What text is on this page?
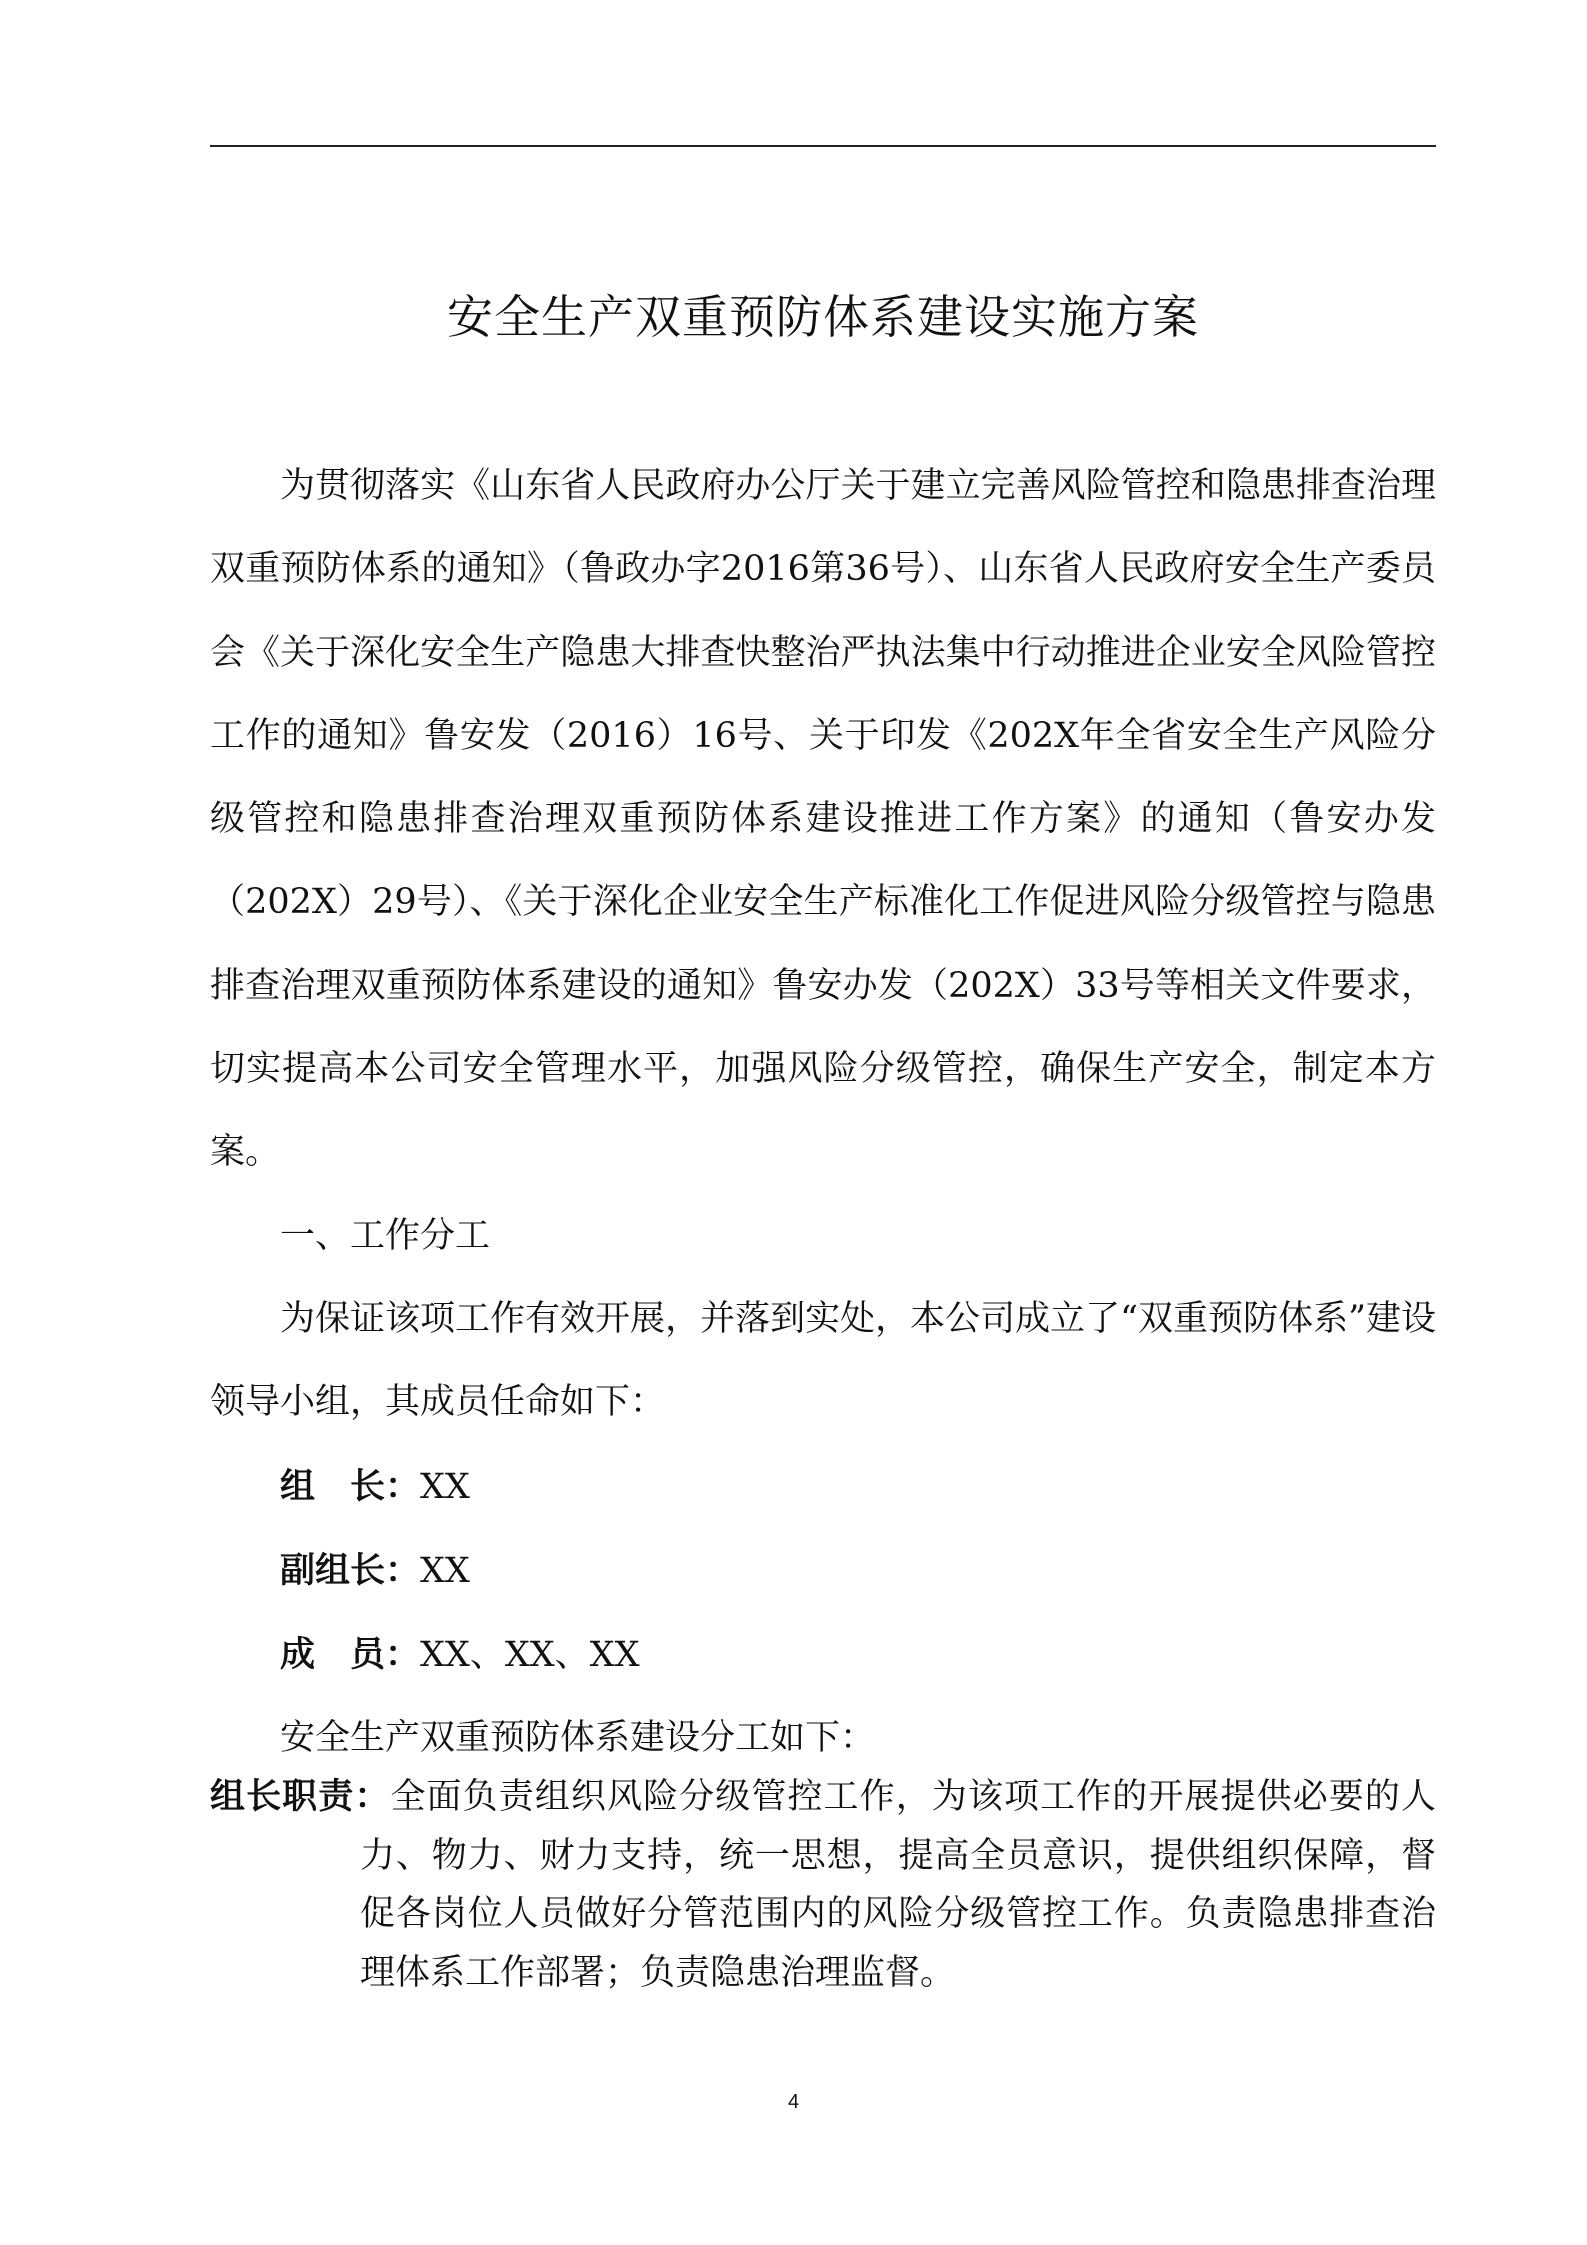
安全生产双重预防体系建设实施方案

为贯彻落实《山东省人民政府办公厅关于建立完善风险管控和隐患排查治理双重预防体系的通知》（鲁政办字2016第36号）、山东省人民政府安全生产委员会《关于深化安全生产隐患大排查快整治严执法集中行动推进企业安全风险管控工作的通知》鲁安发（2016）16号、关于印发《202X年全省安全生产风险分级管控和隐患排查治理双重预防体系建设推进工作方案》的通知（鲁安办发（202X）29号）、《关于深化企业安全生产标准化工作促进风险分级管控与隐患排查治理双重预防体系建设的通知》鲁安办发（202X）33号等相关文件要求，切实提高本公司安全管理水平，加强风险分级管控，确保生产安全，制定本方案。

一、工作分工

为保证该项工作有效开展，并落到实处，本公司成立了“双重预防体系”建设领导小组，其成员任命如下：

组　长：XX

副组长：XX

成　员：XX、XX、XX

安全生产双重预防体系建设分工如下：

组长职责：全面负责组织风险分级管控工作，为该项工作的开展提供必要的人力、物力、财力支持，统一思想，提高全员意识，提供组织保障，督促各岗位人员做好分管范围内的风险分级管控工作。负责隐患排查治理体系工作部署；负责隐患治理监督。

4
